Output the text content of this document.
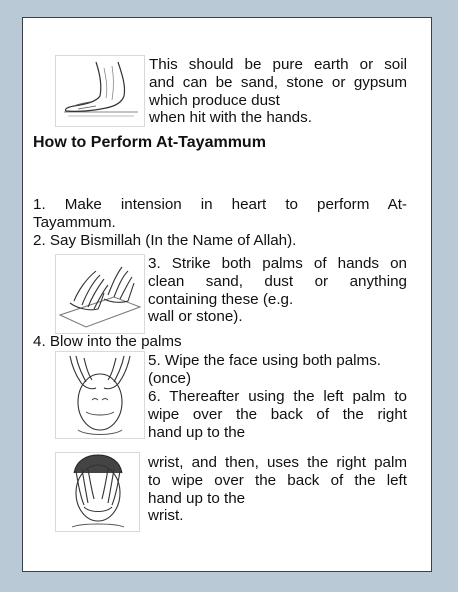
This should be pure earth or soil
and can be sand, stone or gypsum
which produce dust
when hit with the hands.
How to Perform At-Tayammum
1. Make intension in heart to perform At-
Tayammum.
2. Say Bismillah (In the Name of Allah).
3. Strike both palms of hands on
clean sand, dust or anything
containing these (e.g.
wall or stone).
4. Blow into the palms
5. Wipe the face using both palms.
(once)
6. Thereafter using the left palm to
wipe over the back of the right
hand up to the
wrist, and then, uses the right palm
to wipe over the back of the left
hand up to the
wrist.
